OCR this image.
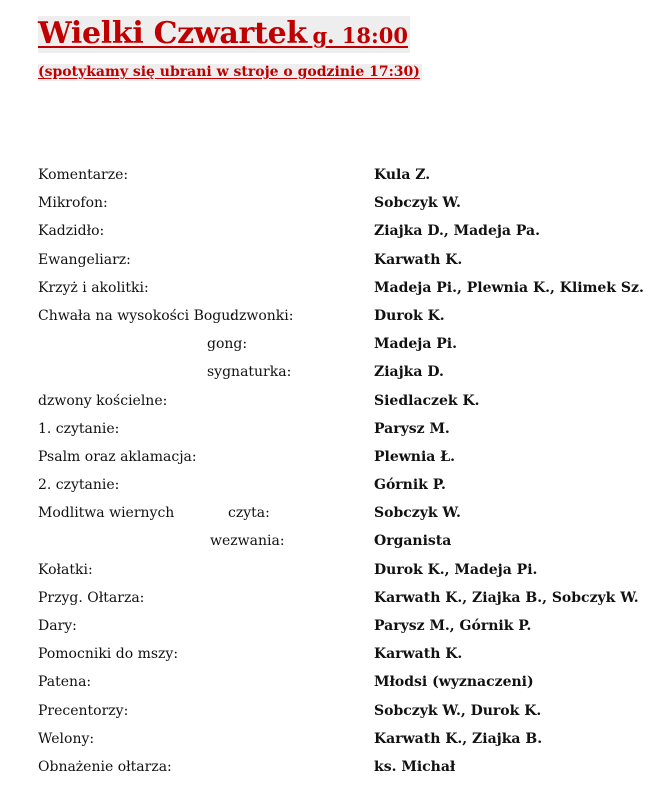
Wielki Czwartek g. 18:00
(spotykamy się ubrani w stroje o godzinie 17:30)
Komentarze:	Kula Z.
Mikrofon:	Sobczyk W.
Kadzidło:	Ziajka D., Madeja Pa.
Ewangeliarz:	Karwath K.
Krzyż i akolitki:	Madeja Pi., Plewnia K., Klimek Sz.
Chwała na wysokości Bogu:
dzwonki:	Durok K.
gong:	Madeja Pi.
sygnaturka:	Ziajka D.
dzwony kościelne:	Siedlaczek K.
1. czytanie:	Parysz M.
Psalm oraz aklamacja:	Plewnia Ł.
2. czytanie:	Górnik P.
Modlitwa wiernych	czyta:	Sobczyk W.
wezwania:	Organista
Kołatki:	Durok K., Madeja Pi.
Przyg. Ołtarza:	Karwath K., Ziajka B., Sobczyk W.
Dary:	Parysz M., Górnik P.
Pomocniki do mszy:	Karwath K.
Patena:	Młodsi (wyznaczeni)
Precentorzy:	Sobczyk W., Durok K.
Welony:	Karwath K., Ziajka B.
Obnażenie ołtarza:	ks. Michał
